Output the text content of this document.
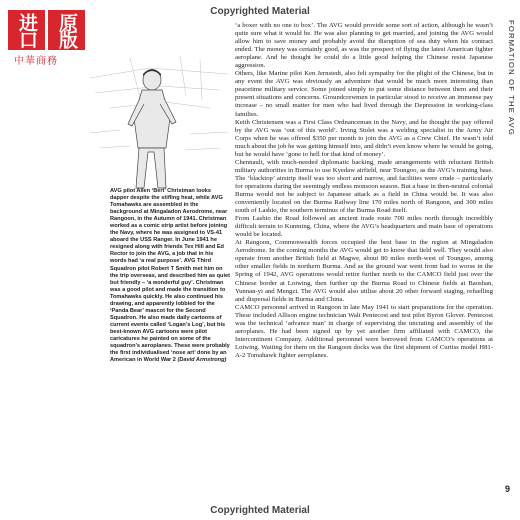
Copyrighted Material
进口 原版
中華商務
AVG pilot Allen ‘Bert’ Christman looks dapper despite the stifling heat, while AVG Tomahawks are assembled in the background at Mingaladon Aerodrome, near Rangoon, in the Autumn of 1941. Christman worked as a comic strip artist before joining the Navy, where he was assigned to VS-41 aboard the USS Ranger. In June 1941 he resigned along with friends Tex Hill and Ed Rector to join the AVG, a job that in his words had ‘a real purpose’. AVG Third Squadron pilot Robert T Smith met him on the trip overseas, and described him as quiet but friendly – ‘a wonderful guy’. Christman was a good pilot and made the transition to Tomahawks quickly. He also continued his drawing, and apparently lobbied for the ‘Panda Bear’ mascot for the Second Squadron. He also made daily cartoons of current events called ‘Logan’s Log’, but his best-known AVG cartoons were pilot caricatures he painted on some of the squadron’s aeroplanes. These were probably the first individualised ‘nose art’ done by an American in World War 2 (David Armstrong)

‘a boxer with no one to box’. The AVG would provide some sort of action, although he wasn’t quite sure what it would be. He was also planning to get married, and joining the AVG would allow him to save money and probably avoid the disruption of sea duty when his contract ended. The money was certainly good, as was the prospect of flying the latest American fighter aeroplane. And he thought he could do a little good helping the Chinese resist Japanese aggression.

Others, like Marine pilot Ken Jernstedt, also felt sympathy for the plight of the Chinese, but in any event the AVG was obviously an adventure that would be much more interesting than peacetime military service. Some joined simply to put some distance between them and their present situations and concerns. Groundcrewmen in particular stood to receive an immense pay increase – no small matter for men who had lived through the Depression in working-class families.

Keith Christensen was a First Class Ordnanceman in the Navy, and he thought the pay offered by the AVG was ‘out of this world’. Irving Stolet was a welding specialist in the Army Air Corps when he was offered $350 per month to join the AVG as a Crew Chief. He wasn’t told much about the job he was getting himself into, and didn’t even know where he would be going, but he would have ‘gone to hell for that kind of money’.

Chennault, with much-needed diplomatic backing, made arrangements with reluctant British military authorities in Burma to use Kyedaw airfield, near Toungoo, as the AVG’s training base. The ‘blacktop’ airstrip itself was too short and narrow, and facilities were crude – particularly for operations during the seemingly endless monsoon season. But a base in then-neutral colonial Burma would not be subject to Japanese attack as a field in China would be. It was also conveniently located on the Burma Railway line 170 miles north of Rangoon, and 300 miles south of Lashio, the southern terminus of the Burma Road itself.

From Lashio the Road followed an ancient trade route 700 miles north through incredibly difficult terrain to Kunming, China, where the AVG’s headquarters and main base of operations would be located.

At Rangoon, Commonwealth forces occupied the best base in the region at Mingaladon Aerodrome. In the coming months the AVG would get to know that field well. They would also operate from another British field at Magwe, about 80 miles north-west of Toungoo, among other smaller fields in northern Burma. And as the ground war went from bad to worse in the Spring of 1942, AVG operations would retire further north to the CAMCO field just over the Chinese border at Loiwing, then further up the Burma Road to Chinese fields at Baoshan, Yunnan-yi and Mengzi. The AVG would also utilise about 20 other forward staging, refuelling and dispersal fields in Burma and China.

CAMCO personnel arrived in Rangoon in late May 1941 to start preparations for the operation. These included Allison engine technician Walt Pentecost and test pilot Byron Glover. Pentecost was the technical ‘advance man’ in charge of supervising the uncrating and assembly of the aeroplanes. He had been signed up by yet another firm affiliated with CAMCO, the Intercontinent Company. Additional personnel were borrowed from CAMCO’s operations at Loiwing. Waiting for them on the Rangoon docks was the first shipment of Curtiss model H81-A-2 Tomahawk fighter aeroplanes.

FORMATION OF THE AVG
9
Copyrighted Material
